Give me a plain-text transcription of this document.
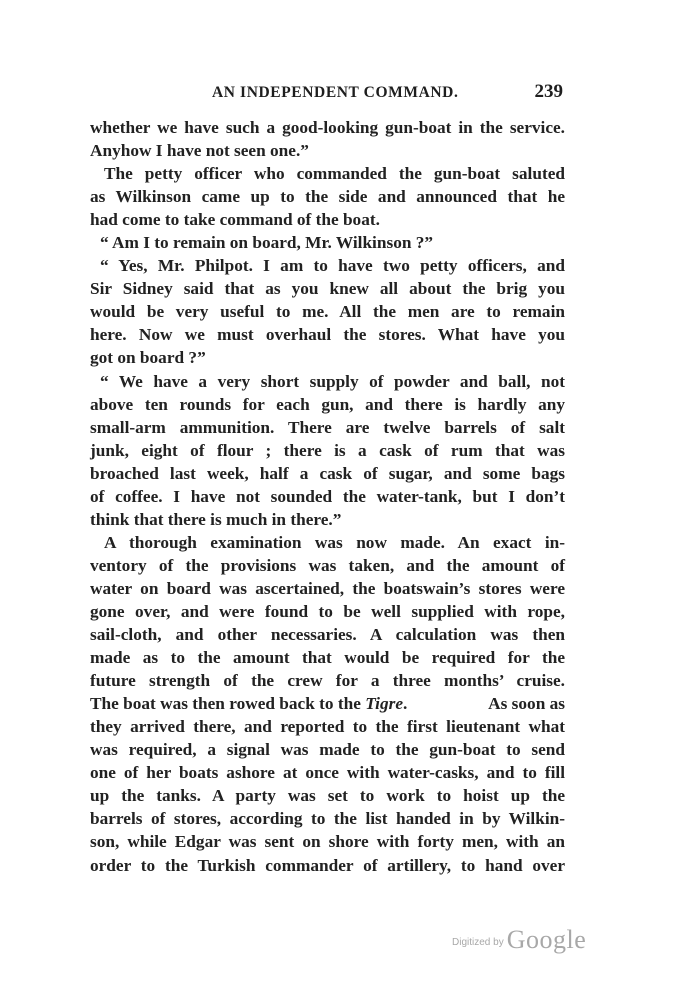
AN INDEPENDENT COMMAND.	239
whether we have such a good-looking gun-boat in the service.
Anyhow I have not seen one.”
The petty officer who commanded the gun-boat saluted
as Wilkinson came up to the side and announced that he
had come to take command of the boat.
“ Am I to remain on board, Mr. Wilkinson ?”
“ Yes, Mr. Philpot. I am to have two petty officers, and
Sir Sidney said that as you knew all about the brig you
would be very useful to me. All the men are to remain
here. Now we must overhaul the stores. What have you
got on board ?”
“ We have a very short supply of powder and ball, not
above ten rounds for each gun, and there is hardly any
small-arm ammunition. There are twelve barrels of salt
junk, eight of flour ; there is a cask of rum that was
broached last week, half a cask of sugar, and some bags
of coffee. I have not sounded the water-tank, but I don’t
think that there is much in there.”
A thorough examination was now made. An exact in-
ventory of the provisions was taken, and the amount of
water on board was ascertained, the boatswain’s stores were
gone over, and were found to be well supplied with rope,
sail-cloth, and other necessaries. A calculation was then
made as to the amount that would be required for the
future strength of the crew for a three months’ cruise.
The boat was then rowed back to the Tigre.	As soon as
they arrived there, and reported to the first lieutenant what
was required, a signal was made to the gun-boat to send
one of her boats ashore at once with water-casks, and to fill
up the tanks. A party was set to work to hoist up the
barrels of stores, according to the list handed in by Wilkin-
son, while Edgar was sent on shore with forty men, with an
order to the Turkish commander of artillery, to hand over
Digitized by Google
